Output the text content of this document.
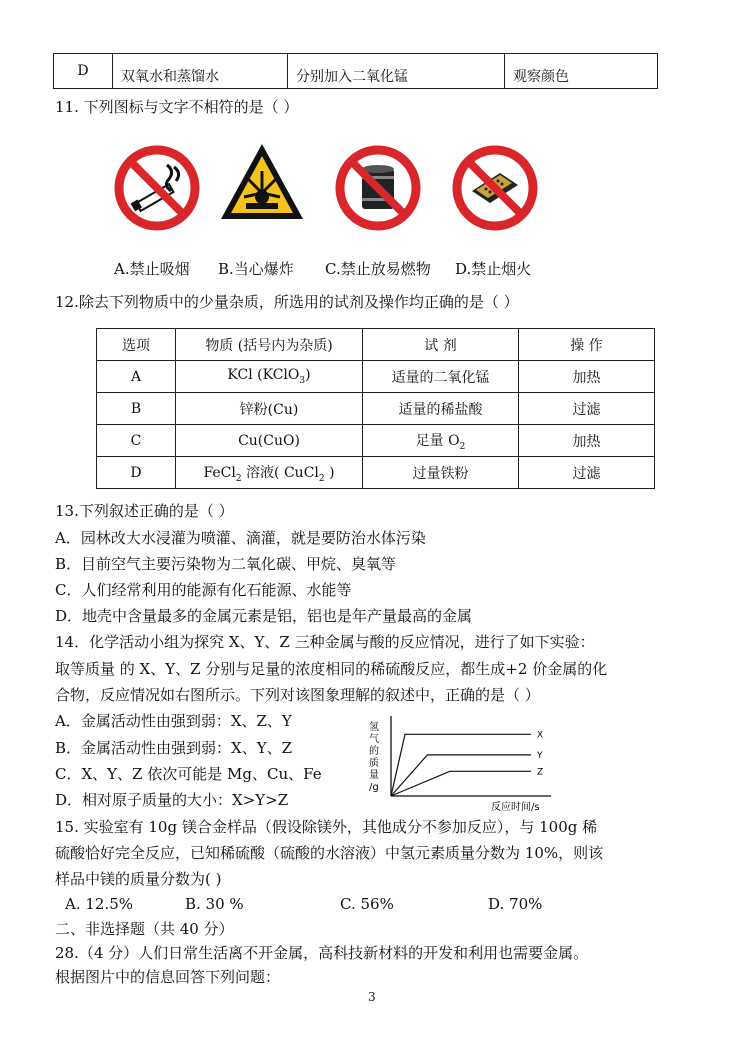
D	双氧水和蒸馏水	分别加入二氧化锰	观察颜色
11. 下列图标与文字不相符的是（ ）
A.禁止吸烟 B.当心爆炸 C.禁止放易燃物 D.禁止烟火
12.除去下列物质中的少量杂质，所选用的试剂及操作均正确的是（ ）
选项	物质 (括号内为杂质)	试 剂	操 作
A	KCl (KClO$_3$)	适量的二氧化锰	加热
B	锌粉(Cu)	适量的稀盐酸	过滤
C	Cu(CuO)	足量 $O_2$	加热
D	FeCl$_2$ 溶液( CuCl$_2$ )	过量铁粉	过滤
13.下列叙述正确的是（ ）
A．园林改大水浸灌为喷灌、滴灌，就是要防治水体污染
B．目前空气主要污染物为二氧化碳、甲烷、臭氧等
C．人们经常利用的能源有化石能源、水能等
D．地壳中含量最多的金属元素是铝，铝也是年产量最高的金属
14．化学活动小组为探究 X、Y、Z 三种金属与酸的反应情况，进行了如下实验：
取等质量 的 X、Y、Z 分别与足量的浓度相同的稀硫酸反应，都生成+2 价金属的化
合物，反应情况如右图所示。下列对该图象理解的叙述中，正确的是（ ）
A．金属活动性由强到弱：X、Z、Y
B．金属活动性由强到弱：X、Y、Z
C．X、Y、Z 依次可能是 Mg、Cu、Fe
D．相对原子质量的大小：X>Y>Z
X
Y
Z
氢
气
的
质
量
/g
反应时间/s
15. 实验室有 10g 镁合金样品（假设除镁外，其他成分不参加反应），与 100g 稀
硫酸恰好完全反应，已知稀硫酸（硫酸的水溶液）中氢元素质量分数为 10%，则该
样品中镁的质量分数为( )
A. 12.5%	B. 30 %	C. 56%	D. 70%
二、非选择题（共 40 分）
28.（4 分）人们日常生活离不开金属，高科技新材料的开发和利用也需要金属。
根据图片中的信息回答下列问题：
3
